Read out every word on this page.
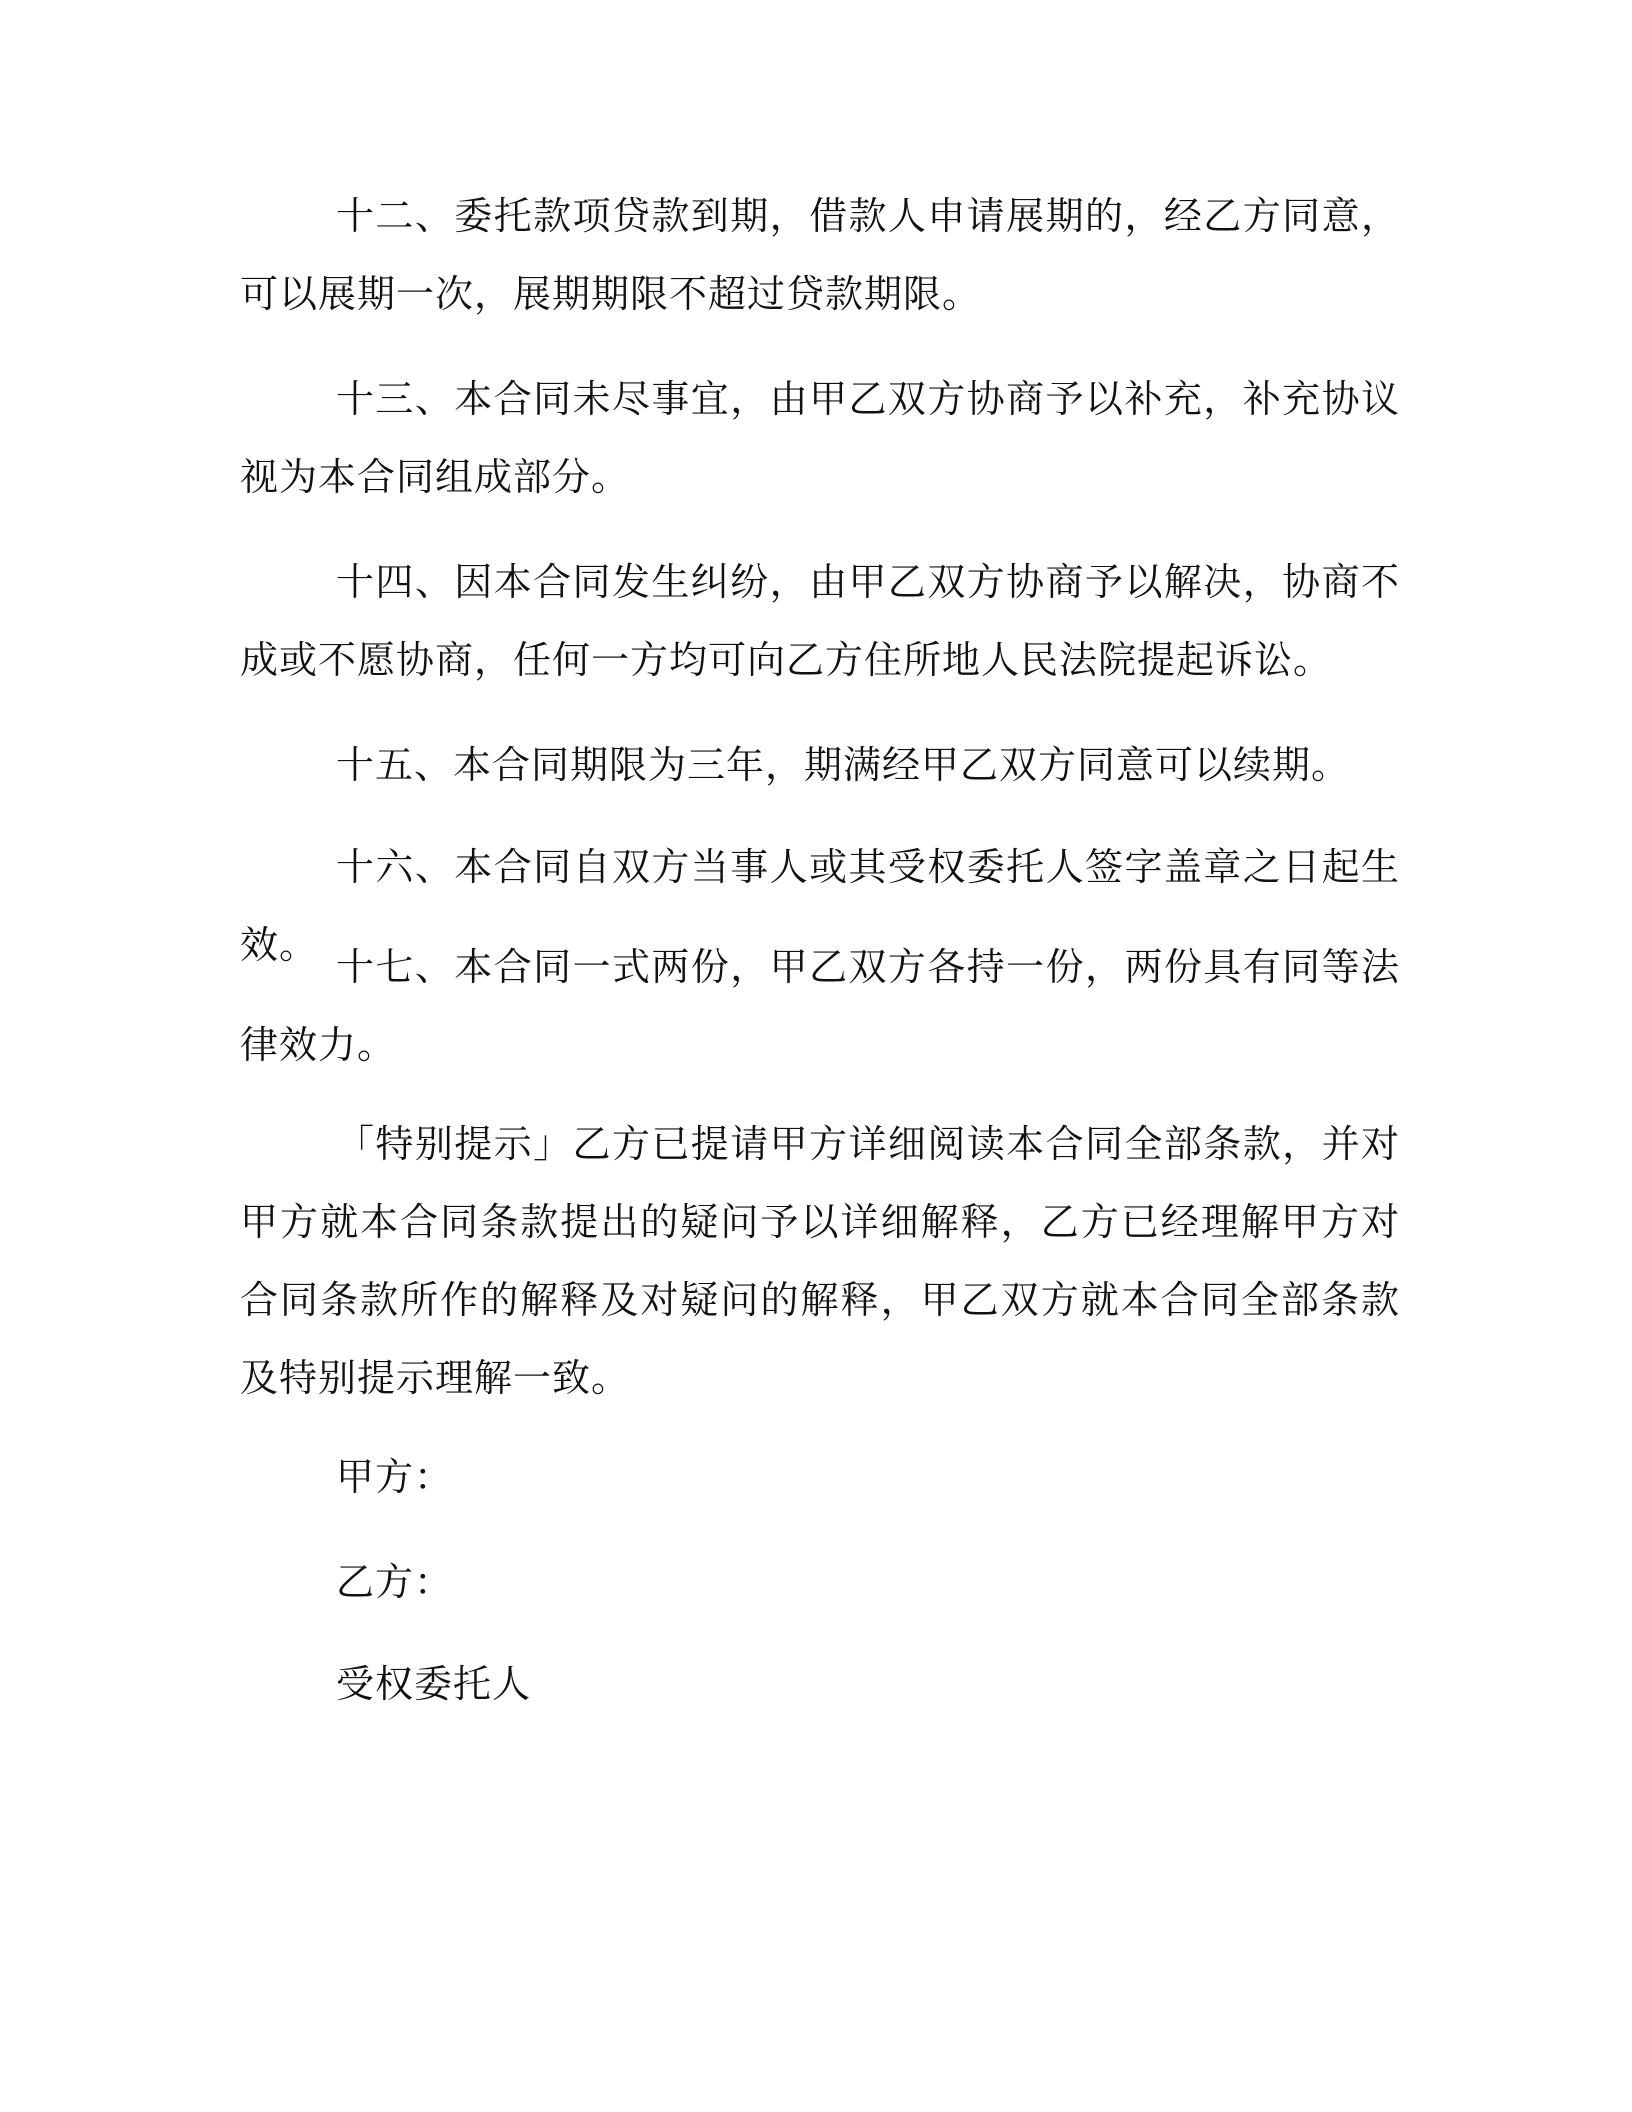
十二、委托款项贷款到期，借款人申请展期的，经乙方同意，可以展期一次，展期期限不超过贷款期限。

十三、本合同未尽事宜，由甲乙双方协商予以补充，补充协议视为本合同组成部分。

十四、因本合同发生纠纷，由甲乙双方协商予以解决，协商不成或不愿协商，任何一方均可向乙方住所地人民法院提起诉讼。

十五、本合同期限为三年，期满经甲乙双方同意可以续期。

十六、本合同自双方当事人或其受权委托人签字盖章之日起生效。 十七、本合同一式两份，甲乙双方各持一份，两份具有同等法律效力。

「特别提示」乙方已提请甲方详细阅读本合同全部条款，并对甲方就本合同条款提出的疑问予以详细解释，乙方已经理解甲方对合同条款所作的解释及对疑问的解释，甲乙双方就本合同全部条款及特别提示理解一致。

甲方：

乙方：

受权委托人
